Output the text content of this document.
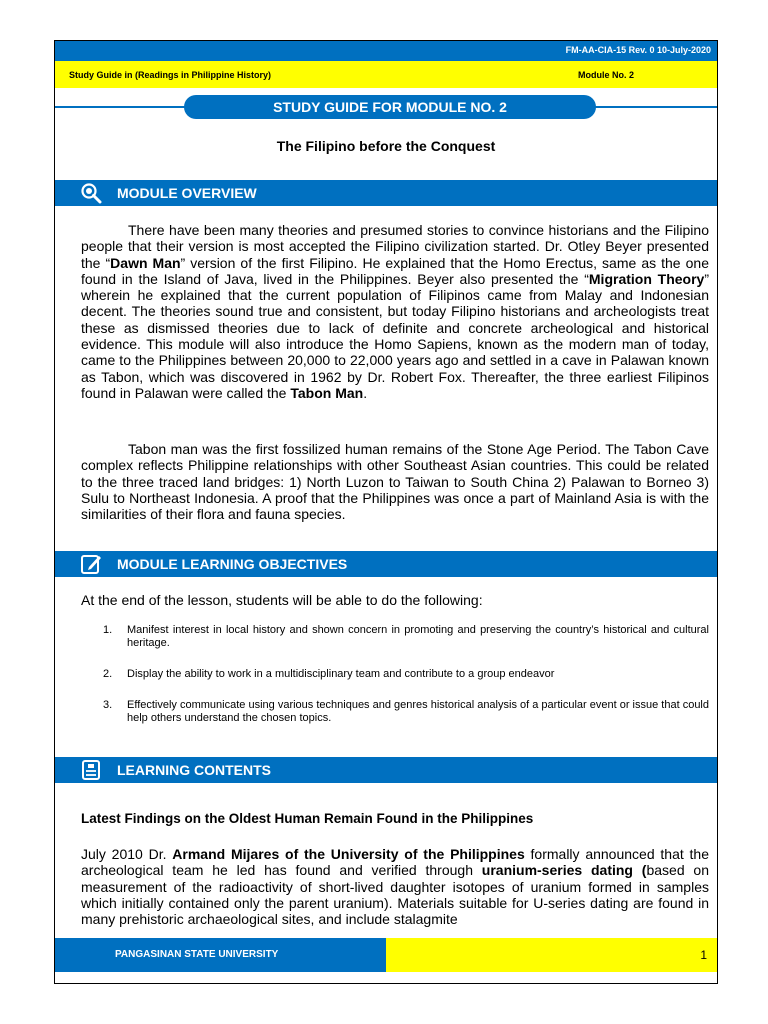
FM-AA-CIA-15 Rev. 0 10-July-2020
Study Guide in (Readings in Philippine History)	Module No. 2
STUDY GUIDE FOR MODULE NO. 2
The Filipino before the Conquest
MODULE OVERVIEW

There have been many theories and presumed stories to convince historians and the Filipino people that their version is most accepted the Filipino civilization started. Dr. Otley Beyer presented the “Dawn Man” version of the first Filipino. He explained that the Homo Erectus, same as the one found in the Island of Java, lived in the Philippines. Beyer also presented the “Migration Theory” wherein he explained that the current population of Filipinos came from Malay and Indonesian decent. The theories sound true and consistent, but today Filipino historians and archeologists treat these as dismissed theories due to lack of definite and concrete archeological and historical evidence. This module will also introduce the Homo Sapiens, known as the modern man of today, came to the Philippines between 20,000 to 22,000 years ago and settled in a cave in Palawan known as Tabon, which was discovered in 1962 by Dr. Robert Fox. Thereafter, the three earliest Filipinos found in Palawan were called the Tabon Man.

Tabon man was the first fossilized human remains of the Stone Age Period. The Tabon Cave complex reflects Philippine relationships with other Southeast Asian countries. This could be related to the three traced land bridges: 1) North Luzon to Taiwan to South China 2) Palawan to Borneo 3) Sulu to Northeast Indonesia. A proof that the Philippines was once a part of Mainland Asia is with the similarities of their flora and fauna species.

MODULE LEARNING OBJECTIVES
At the end of the lesson, students will be able to do the following:
1. Manifest interest in local history and shown concern in promoting and preserving the country’s historical and cultural heritage.
2. Display the ability to work in a multidisciplinary team and contribute to a group endeavor
3. Effectively communicate using various techniques and genres historical analysis of a particular event or issue that could help others understand the chosen topics.
LEARNING CONTENTS
Latest Findings on the Oldest Human Remain Found in the Philippines

July 2010 Dr. Armand Mijares of the University of the Philippines formally announced that the archeological team he led has found and verified through uranium-series dating (based on measurement of the radioactivity of short-lived daughter isotopes of uranium formed in samples which initially contained only the parent uranium). Materials suitable for U-series dating are found in many prehistoric archaeological sites, and include stalagmite

PANGASINAN STATE UNIVERSITY	1
